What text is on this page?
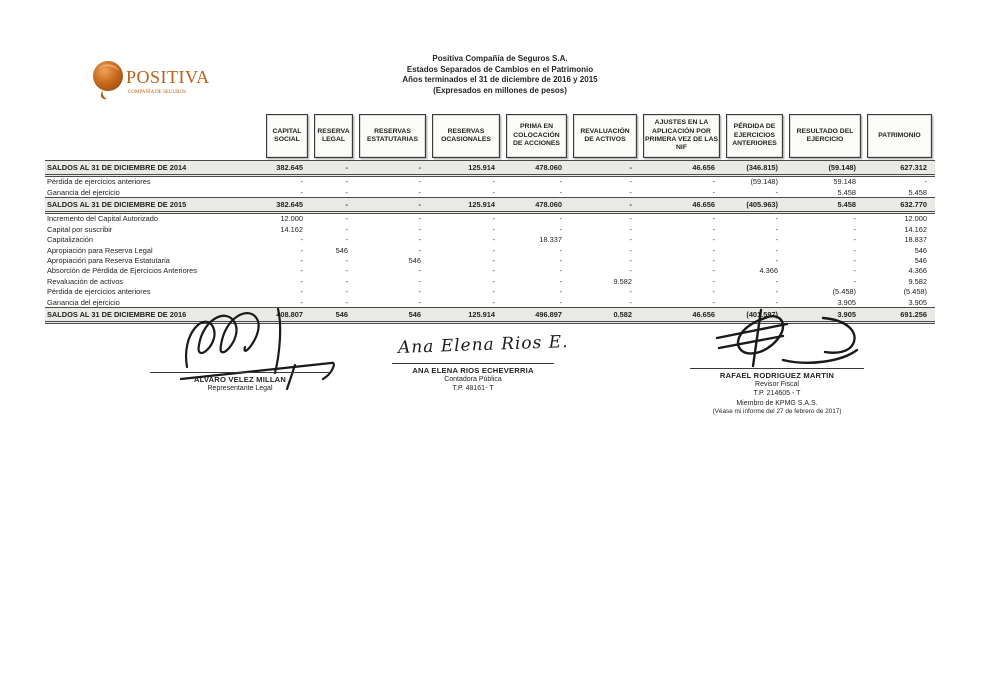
POSITIVA
COMPAÑÍA DE SEGUROS
Positiva Compañía de Seguros S.A.
Estados Separados de Cambios en el Patrimonio
Años terminados el 31 de diciembre de 2016 y 2015
(Expresados en millones de pesos)
CAPITAL SOCIAL
RESERVA LEGAL
RESERVAS ESTATUTARIAS
RESERVAS OCASIONALES
PRIMA EN COLOCACIÓN DE ACCIONES
REVALUACIÓN DE ACTIVOS
AJUSTES EN LA APLICACIÓN POR PRIMERA VEZ DE LAS NIF
PÉRDIDA DE EJERCICIOS ANTERIORES
RESULTADO DEL EJERCICIO
PATRIMONIO
SALDOS AL 31 DE DICIEMBRE DE 2014	382.645	-	-	125.914	478.060	-	46.656	(346.815)	(59.148)	627.312
Pérdida de ejercicios anteriores	-	-	-	-	-	-	-	(59.148)	59.148	-
Ganancia del ejercicio	-	-	-	-	-	-	-	-	5.458	5.458
SALDOS AL 31 DE DICIEMBRE DE 2015	382.645	-	-	125.914	478.060	-	46.656	(405.963)	5.458	632.770
Incremento del Capital Autorizado	12.000	-	-	-	-	-	-	-	-	12.000
Capital por suscribir	14.162	-	-	-	-	-	-	-	-	14.162
Capitalización	-	-	-	-	18.337	-	-	-	-	18.837
Apropiación para Reserva Legal	-	546	-	-	-	-	-	-	-	546
Apropiación para Reserva Estatutaria	-	-	546	-	-	-	-	-	-	546
Absorción de Pérdida de Ejercicios Anteriores	-	-	-	-	-	-	-	4.366	-	4.366
Revaluación de activos	-	-	-	-	-	9.582	-	-	-	9.582
Pérdida de ejercicios anteriores	-	-	-	-	-	-	-	-	(5.458)	(5.458)
Ganancia del ejercicio	-	-	-	-	-	-	-	-	3.905	3.905
SALDOS AL 31 DE DICIEMBRE DE 2016	408.807	546	546	125.914	496.897	0.582	46.656	(401.597)	3.905	691.256
ALVARO VELEZ MILLAN
Representante Legal
Ana Elena Rios E.
ANA ELENA RIOS ECHEVERRIA
Contadora Pública
T.P. 48161- T
RAFAEL RODRIGUEZ MARTIN
Revisor Fiscal
T.P. 214605 - T
Miembro de KPMG S.A.S.
(Véase mi informe del 27 de febrero de 2017)
